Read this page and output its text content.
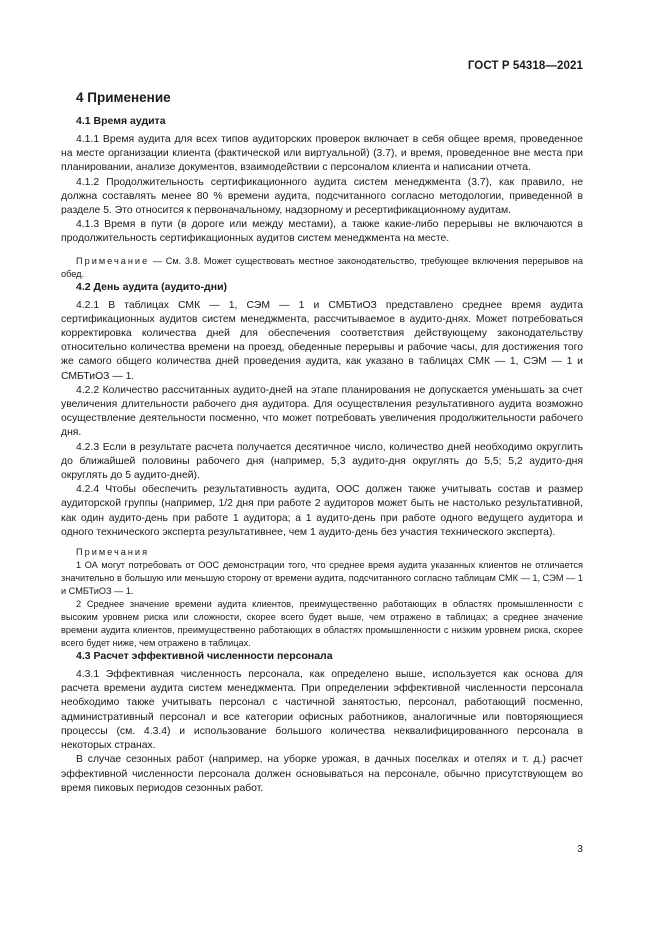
ГОСТ Р 54318—2021
4 Применение
4.1 Время аудита

4.1.1 Время аудита для всех типов аудиторских проверок включает в себя общее время, проведенное на месте организации клиента (фактической или виртуальной) (3.7), и время, проведенное вне места при планировании, анализе документов, взаимодействии с персоналом клиента и написании отчета.

4.1.2 Продолжительность сертификационного аудита систем менеджмента (3.7), как правило, не должна составлять менее 80 % времени аудита, подсчитанного согласно методологии, приведенной в разделе 5. Это относится к первоначальному, надзорному и ресертификационному аудитам.

4.1.3 Время в пути (в дороге или между местами), а также какие-либо перерывы не включаются в продолжительность сертификационных аудитов систем менеджмента на месте.

Примечание — См. 3.8. Может существовать местное законодательство, требующее включения перерывов на обед.

4.2 День аудита (аудито-дни)

4.2.1 В таблицах СМК — 1, СЭМ — 1 и СМБТиОЗ представлено среднее время аудита сертификационных аудитов систем менеджмента, рассчитываемое в аудито-днях. Может потребоваться корректировка количества дней для обеспечения соответствия действующему законодательству относительно количества времени на проезд, обеденные перерывы и рабочие часы, для достижения того же самого общего количества дней проведения аудита, как указано в таблицах СМК — 1, СЭМ — 1 и СМБТиОЗ — 1.

4.2.2 Количество рассчитанных аудито-дней на этапе планирования не допускается уменьшать за счет увеличения длительности рабочего дня аудитора. Для осуществления результативного аудита возможно осуществление деятельности посменно, что может потребовать увеличения продолжительности рабочего дня.

4.2.3 Если в результате расчета получается десятичное число, количество дней необходимо округлить до ближайшей половины рабочего дня (например, 5,3 аудито-дня округлять до 5,5; 5,2 аудито-дня округлять до 5 аудито-дней).

4.2.4 Чтобы обеспечить результативность аудита, ООС должен также учитывать состав и размер аудиторской группы (например, 1/2 дня при работе 2 аудиторов может быть не настолько результативной, как один аудито-день при работе 1 аудитора; а 1 аудито-день при работе одного ведущего аудитора и одного технического эксперта результативнее, чем 1 аудито-день без участия технического эксперта).

Примечания

1 ОА могут потребовать от ООС демонстрации того, что среднее время аудита указанных клиентов не отличается значительно в большую или меньшую сторону от времени аудита, подсчитанного согласно таблицам СМК — 1, СЭМ — 1 и СМБТиОЗ — 1.

2 Среднее значение времени аудита клиентов, преимущественно работающих в областях промышленности с высоким уровнем риска или сложности, скорее всего будет выше, чем отражено в таблицах; а среднее значение времени аудита клиентов, преимущественно работающих в областях промышленности с низким уровнем риска, скорее всего будет ниже, чем отражено в таблицах.

4.3 Расчет эффективной численности персонала

4.3.1 Эффективная численность персонала, как определено выше, используется как основа для расчета времени аудита систем менеджмента. При определении эффективной численности персонала необходимо также учитывать персонал с частичной занятостью, персонал, работающий посменно, административный персонал и все категории офисных работников, аналогичные или повторяющиеся процессы (см. 4.3.4) и использование большого количества неквалифицированного персонала в некоторых странах.

В случае сезонных работ (например, на уборке урожая, в дачных поселках и отелях и т. д.) расчет эффективной численности персонала должен основываться на персонале, обычно присутствующем во время пиковых периодов сезонных работ.

3
